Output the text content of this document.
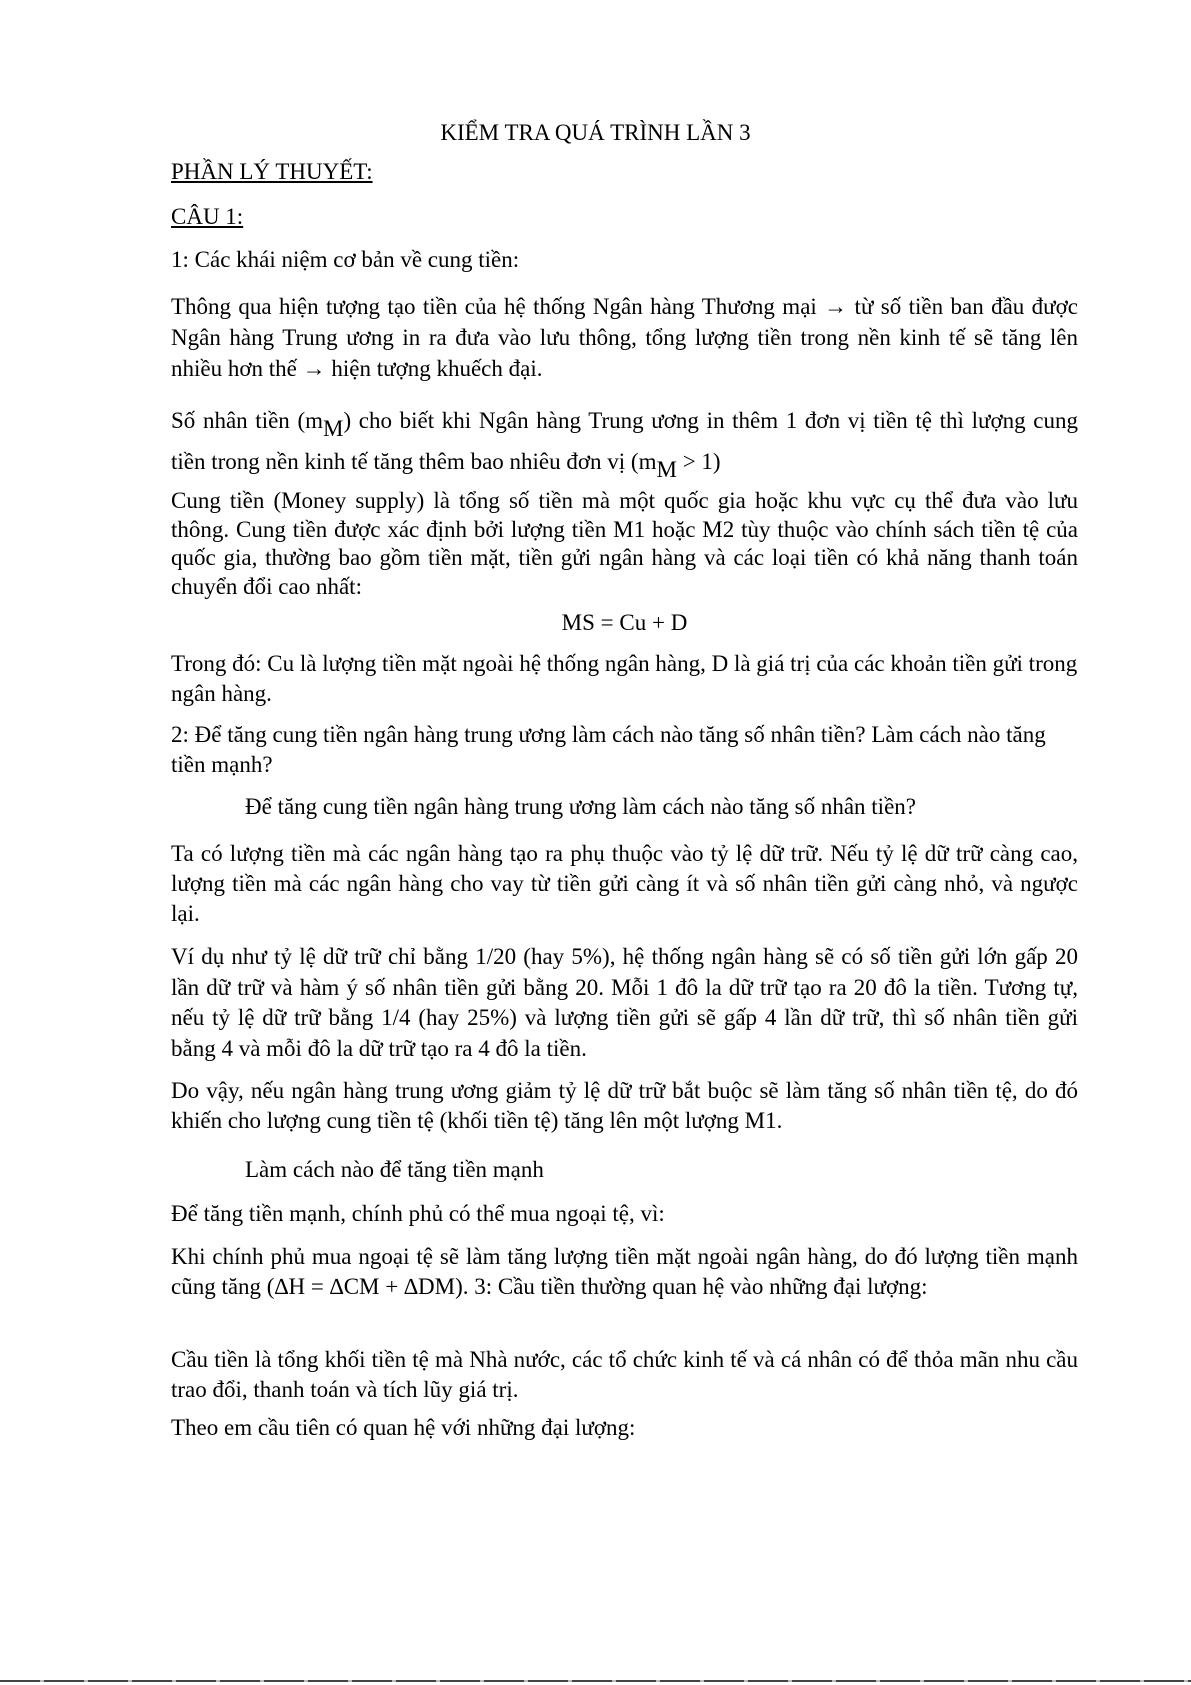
KIỂM TRA QUÁ TRÌNH LẦN 3

PHẦN LÝ THUYẾT:

CÂU 1:

1: Các khái niệm cơ bản về cung tiền:

Thông qua hiện tượng tạo tiền của hệ thống Ngân hàng Thương mại → từ số tiền ban đầu được Ngân hàng Trung ương in ra đưa vào lưu thông, tổng lượng tiền trong nền kinh tế sẽ tăng lên nhiều hơn thế → hiện tượng khuếch đại.

Số nhân tiền $(m_M)$ cho biết khi Ngân hàng Trung ương in thêm 1 đơn vị tiền tệ thì lượng cung tiền trong nền kinh tế tăng thêm bao nhiêu đơn vị $(m_M > 1)$

Cung tiền (Money supply) là tổng số tiền mà một quốc gia hoặc khu vực cụ thể đưa vào lưu thông. Cung tiền được xác định bởi lượng tiền M1 hoặc M2 tùy thuộc vào chính sách tiền tệ của quốc gia, thường bao gồm tiền mặt, tiền gửi ngân hàng và các loại tiền có khả năng thanh toán chuyển đổi cao nhất:

MS = Cu + D

Trong đó: Cu là lượng tiền mặt ngoài hệ thống ngân hàng, D là giá trị của các khoản tiền gửi trong ngân hàng.

2: Để tăng cung tiền ngân hàng trung ương làm cách nào tăng số nhân tiền? Làm cách nào tăng tiền mạnh?

Để tăng cung tiền ngân hàng trung ương làm cách nào tăng số nhân tiền?

Ta có lượng tiền mà các ngân hàng tạo ra phụ thuộc vào tỷ lệ dữ trữ. Nếu tỷ lệ dữ trữ càng cao, lượng tiền mà các ngân hàng cho vay từ tiền gửi càng ít và số nhân tiền gửi càng nhỏ, và ngược lại.

Ví dụ như tỷ lệ dữ trữ chỉ bằng 1/20 (hay 5%), hệ thống ngân hàng sẽ có số tiền gửi lớn gấp 20 lần dữ trữ và hàm ý số nhân tiền gửi bằng 20. Mỗi 1 đô la dữ trữ tạo ra 20 đô la tiền. Tương tự, nếu tỷ lệ dữ trữ bằng 1/4 (hay 25%) và lượng tiền gửi sẽ gấp 4 lần dữ trữ, thì số nhân tiền gửi bằng 4 và mỗi đô la dữ trữ tạo ra 4 đô la tiền.

Do vậy, nếu ngân hàng trung ương giảm tỷ lệ dữ trữ bắt buộc sẽ làm tăng số nhân tiền tệ, do đó khiến cho lượng cung tiền tệ (khối tiền tệ) tăng lên một lượng M1.

Làm cách nào để tăng tiền mạnh

Để tăng tiền mạnh, chính phủ có thể mua ngoại tệ, vì:

Khi chính phủ mua ngoại tệ sẽ làm tăng lượng tiền mặt ngoài ngân hàng, do đó lượng tiền mạnh cũng tăng (∆H = ∆CM + ∆DM). 3: Cầu tiền thường quan hệ vào những đại lượng:

Cầu tiền là tổng khối tiền tệ mà Nhà nước, các tổ chức kinh tế và cá nhân có để thỏa mãn nhu cầu trao đổi, thanh toán và tích lũy giá trị.

Theo em cầu tiên có quan hệ với những đại lượng:
